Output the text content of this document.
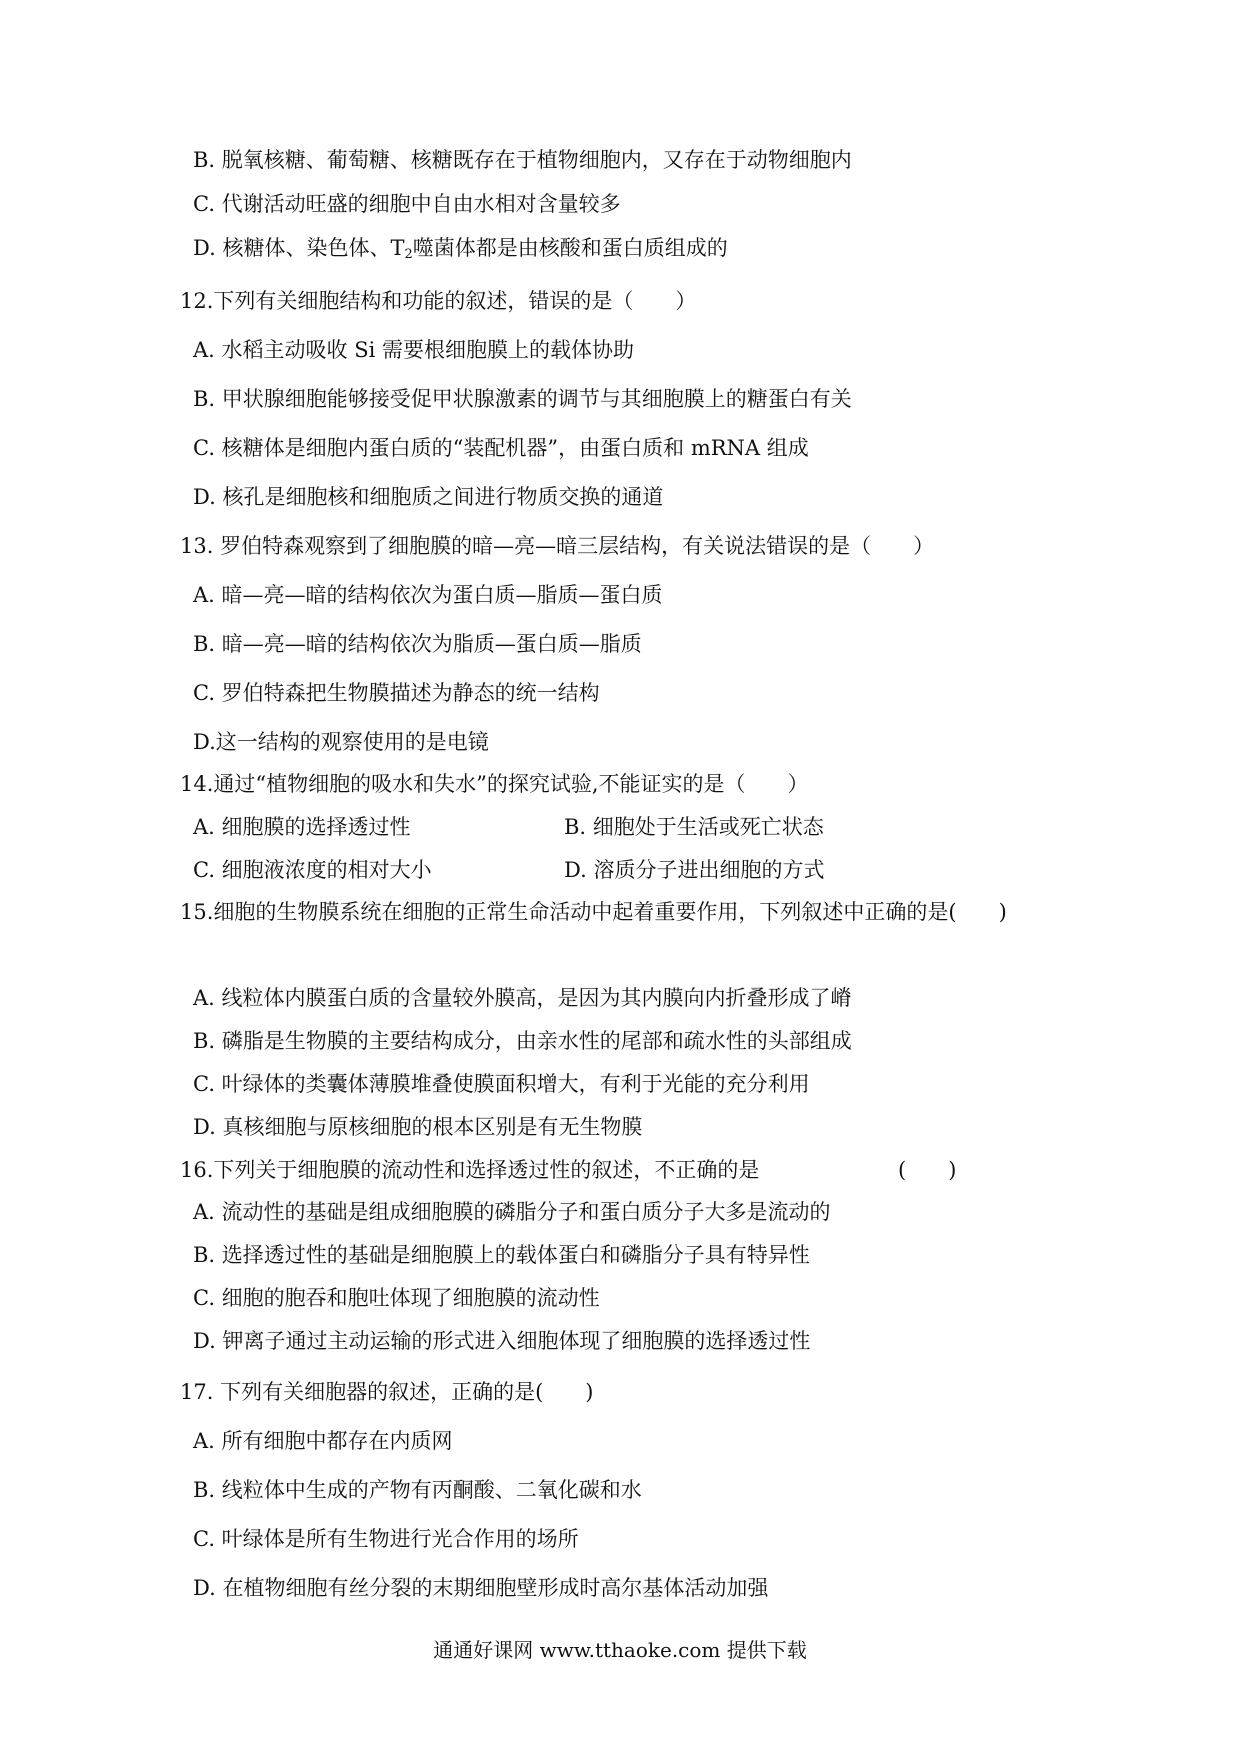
B. 脱氧核糖、葡萄糖、核糖既存在于植物细胞内，又存在于动物细胞内
C. 代谢活动旺盛的细胞中自由水相对含量较多
D. 核糖体、染色体、$T_2$噬菌体都是由核酸和蛋白质组成的
12.下列有关细胞结构和功能的叙述，错误的是（　　）
A. 水稻主动吸收 Si 需要根细胞膜上的载体协助
B. 甲状腺细胞能够接受促甲状腺激素的调节与其细胞膜上的糖蛋白有关
C. 核糖体是细胞内蛋白质的“装配机器”，由蛋白质和 mRNA 组成
D. 核孔是细胞核和细胞质之间进行物质交换的通道
13. 罗伯特森观察到了细胞膜的暗—亮—暗三层结构，有关说法错误的是（　　）
A. 暗—亮—暗的结构依次为蛋白质—脂质—蛋白质
B. 暗—亮—暗的结构依次为脂质—蛋白质—脂质
C. 罗伯特森把生物膜描述为静态的统一结构
D.这一结构的观察使用的是电镜
14.通过“植物细胞的吸水和失水”的探究试验,不能证实的是（　　）
A. 细胞膜的选择透过性	B. 细胞处于生活或死亡状态
C. 细胞液浓度的相对大小	D. 溶质分子进出细胞的方式
15.细胞的生物膜系统在细胞的正常生命活动中起着重要作用，下列叙述中正确的是(　　)
A. 线粒体内膜蛋白质的含量较外膜高，是因为其内膜向内折叠形成了嵴
B. 磷脂是生物膜的主要结构成分，由亲水性的尾部和疏水性的头部组成
C. 叶绿体的类囊体薄膜堆叠使膜面积增大，有利于光能的充分利用
D. 真核细胞与原核细胞的根本区别是有无生物膜
16.下列关于细胞膜的流动性和选择透过性的叙述，不正确的是	(　　)
A. 流动性的基础是组成细胞膜的磷脂分子和蛋白质分子大多是流动的
B. 选择透过性的基础是细胞膜上的载体蛋白和磷脂分子具有特异性
C. 细胞的胞吞和胞吐体现了细胞膜的流动性
D. 钾离子通过主动运输的形式进入细胞体现了细胞膜的选择透过性
17. 下列有关细胞器的叙述，正确的是(　　)
A. 所有细胞中都存在内质网
B. 线粒体中生成的产物有丙酮酸、二氧化碳和水
C. 叶绿体是所有生物进行光合作用的场所
D. 在植物细胞有丝分裂的末期细胞壁形成时高尔基体活动加强
通通好课网 www.tthaoke.com 提供下载
